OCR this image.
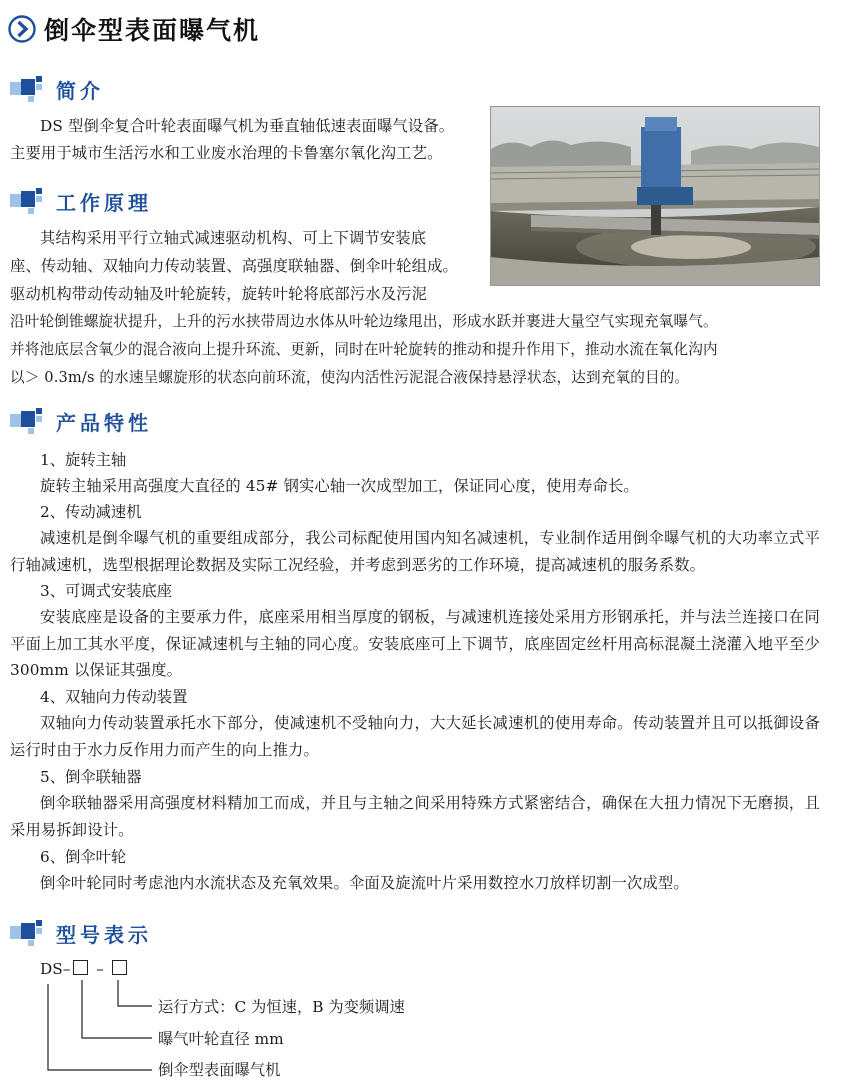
倒伞型表面曝气机
简介

DS 型倒伞复合叶轮表面曝气机为垂直轴低速表面曝气设备。

主要用于城市生活污水和工业废水治理的卡鲁塞尔氧化沟工艺。

工作原理

其结构采用平行立轴式减速驱动机构、可上下调节安装底

座、传动轴、双轴向力传动装置、高强度联轴器、倒伞叶轮组成。

驱动机构带动传动轴及叶轮旋转，旋转叶轮将底部污水及污泥

沿叶轮倒锥螺旋状提升，上升的污水挟带周边水体从叶轮边缘甩出，形成水跃并裹进大量空气实现充氧曝气。

并将池底层含氧少的混合液向上提升环流、更新，同时在叶轮旋转的推动和提升作用下，推动水流在氧化沟内

以＞ 0.3m/s 的水速呈螺旋形的状态向前环流，使沟内活性污泥混合液保持悬浮状态，达到充氧的目的。

产品特性

1、旋转主轴

旋转主轴采用高强度大直径的 45# 钢实心轴一次成型加工，保证同心度，使用寿命长。

2、传动减速机

减速机是倒伞曝气机的重要组成部分，我公司标配使用国内知名减速机，专业制作适用倒伞曝气机的大功率立式平行轴减速机，选型根据理论数据及实际工况经验，并考虑到恶劣的工作环境，提高减速机的服务系数。

3、可调式安装底座

安装底座是设备的主要承力件，底座采用相当厚度的钢板，与减速机连接处采用方形钢承托，并与法兰连接口在同平面上加工其水平度，保证减速机与主轴的同心度。安装底座可上下调节，底座固定丝杆用高标混凝土浇灌入地平至少 300mm 以保证其强度。

4、双轴向力传动装置

双轴向力传动装置承托水下部分，使减速机不受轴向力，大大延长减速机的使用寿命。传动装置并且可以抵御设备运行时由于水力反作用力而产生的向上推力。

5、倒伞联轴器

倒伞联轴器采用高强度材料精加工而成，并且与主轴之间采用特殊方式紧密结合，确保在大扭力情况下无磨损，且采用易拆卸设计。

6、倒伞叶轮

倒伞叶轮同时考虑池内水流状态及充氧效果。伞面及旋流叶片采用数控水刀放样切割一次成型。

型号表示
DS– –
运行方式：C 为恒速，B 为变频调速
曝气叶轮直径 mm
倒伞型表面曝气机
